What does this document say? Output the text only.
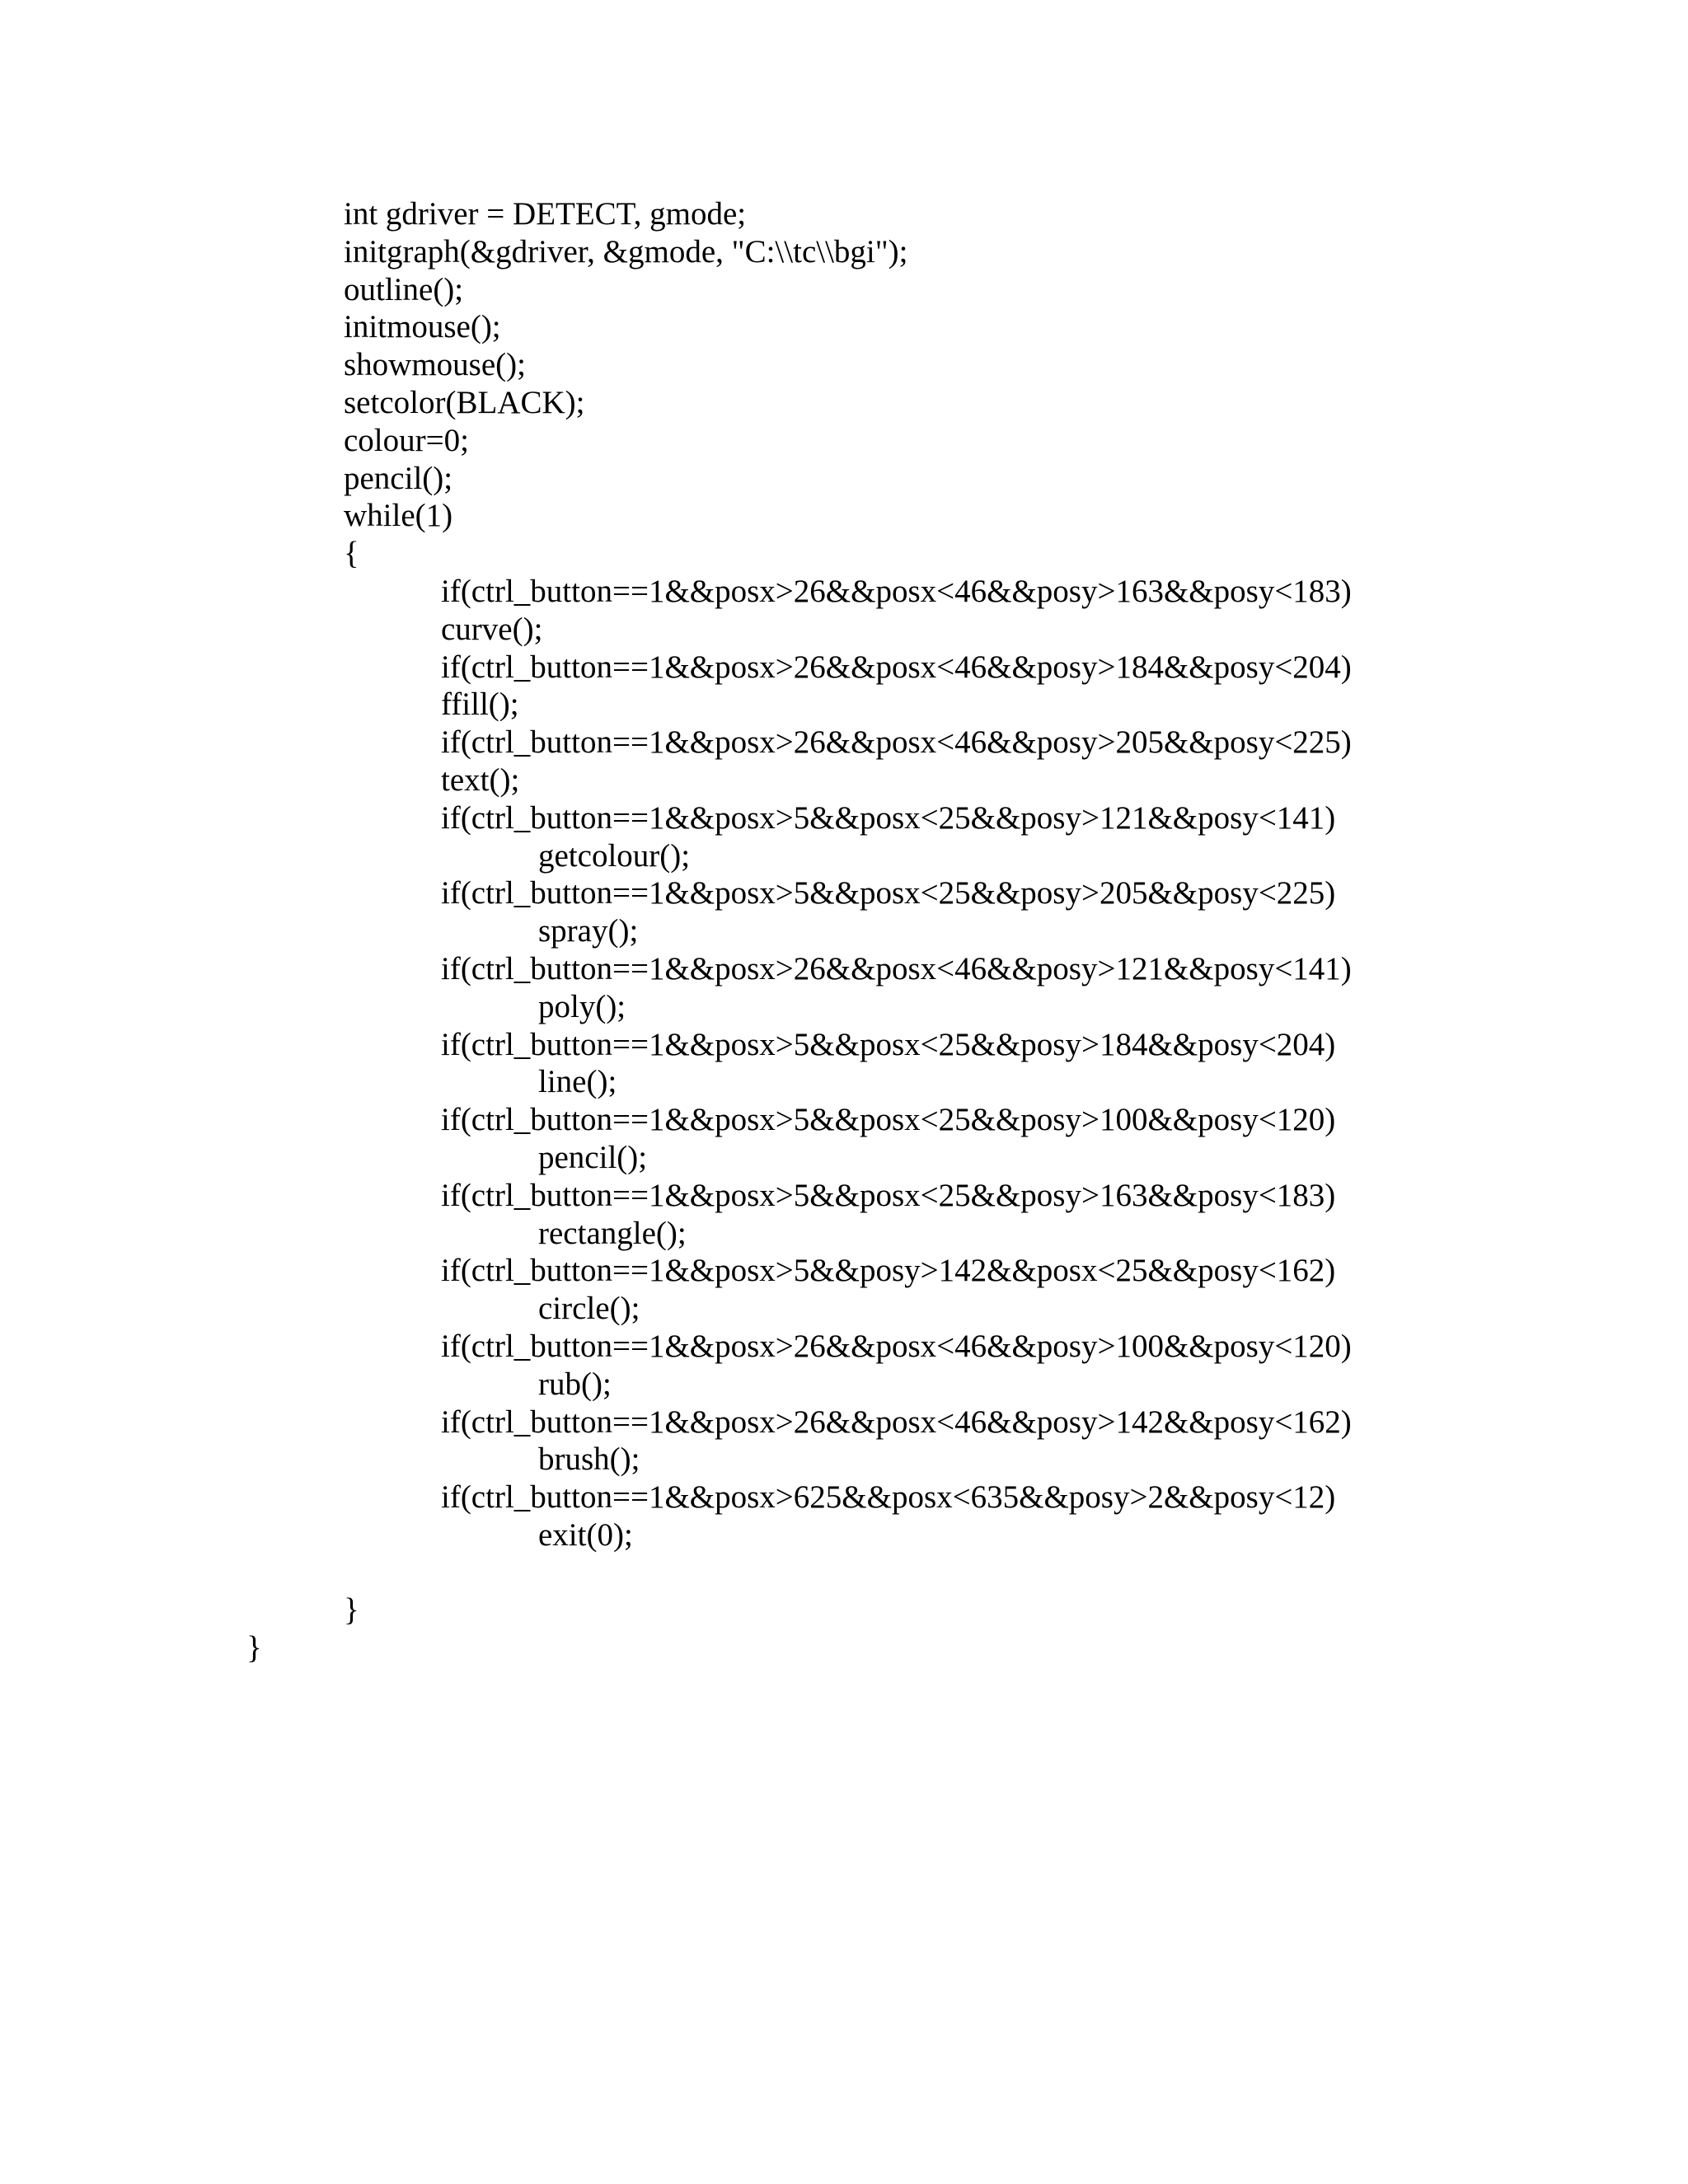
int gdriver = DETECT, gmode;
initgraph(&gdriver, &gmode, "C:\\tc\\bgi");
outline();
initmouse();
showmouse();
setcolor(BLACK);
colour=0;
pencil();
while(1)
{
if(ctrl_button==1&&posx>26&&posx<46&&posy>163&&posy<183)
curve();
if(ctrl_button==1&&posx>26&&posx<46&&posy>184&&posy<204)
ffill();
if(ctrl_button==1&&posx>26&&posx<46&&posy>205&&posy<225)
text();
if(ctrl_button==1&&posx>5&&posx<25&&posy>121&&posy<141)
getcolour();
if(ctrl_button==1&&posx>5&&posx<25&&posy>205&&posy<225)
spray();
if(ctrl_button==1&&posx>26&&posx<46&&posy>121&&posy<141)
poly();
if(ctrl_button==1&&posx>5&&posx<25&&posy>184&&posy<204)
line();
if(ctrl_button==1&&posx>5&&posx<25&&posy>100&&posy<120)
pencil();
if(ctrl_button==1&&posx>5&&posx<25&&posy>163&&posy<183)
rectangle();
if(ctrl_button==1&&posx>5&&posy>142&&posx<25&&posy<162)
circle();
if(ctrl_button==1&&posx>26&&posx<46&&posy>100&&posy<120)
rub();
if(ctrl_button==1&&posx>26&&posx<46&&posy>142&&posy<162)
brush();
if(ctrl_button==1&&posx>625&&posx<635&&posy>2&&posy<12)
exit(0);
}
}
